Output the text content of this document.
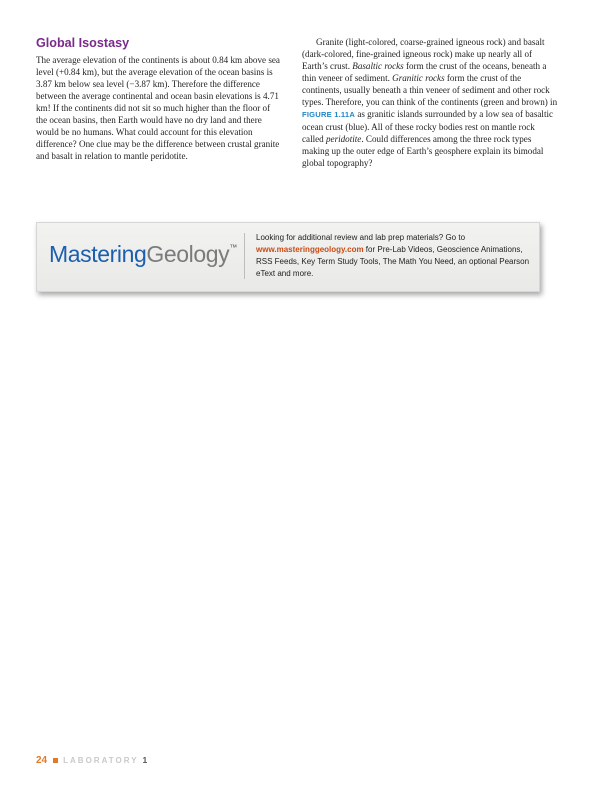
Global Isostasy

The average elevation of the continents is about 0.84 km above sea level (+0.84 km), but the average elevation of the ocean basins is 3.87 km below sea level (−3.87 km). Therefore the difference between the average continental and ocean basin elevations is 4.71 km! If the continents did not sit so much higher than the floor of the ocean basins, then Earth would have no dry land and there would be no humans. What could account for this elevation difference? One clue may be the difference between crustal granite and basalt in relation to mantle peridotite.

Granite (light-colored, coarse-grained igneous rock) and basalt (dark-colored, fine-grained igneous rock) make up nearly all of Earth’s crust. Basaltic rocks form the crust of the oceans, beneath a thin veneer of sediment. Granitic rocks form the crust of the continents, usually beneath a thin veneer of sediment and other rock types. Therefore, you can think of the continents (green and brown) in FIGURE 1.11A as granitic islands surrounded by a low sea of basaltic ocean crust (blue). All of these rocky bodies rest on mantle rock called peridotite. Could differences among the three rock types making up the outer edge of Earth’s geosphere explain its bimodal global topography?

MasteringGeology™
Looking for additional review and lab prep materials? Go to www.masteringgeology.com for Pre-Lab Videos, Geoscience Animations, RSS Feeds, Key Term Study Tools, The Math You Need, an optional Pearson eText and more.
24 LABORATORY 1
